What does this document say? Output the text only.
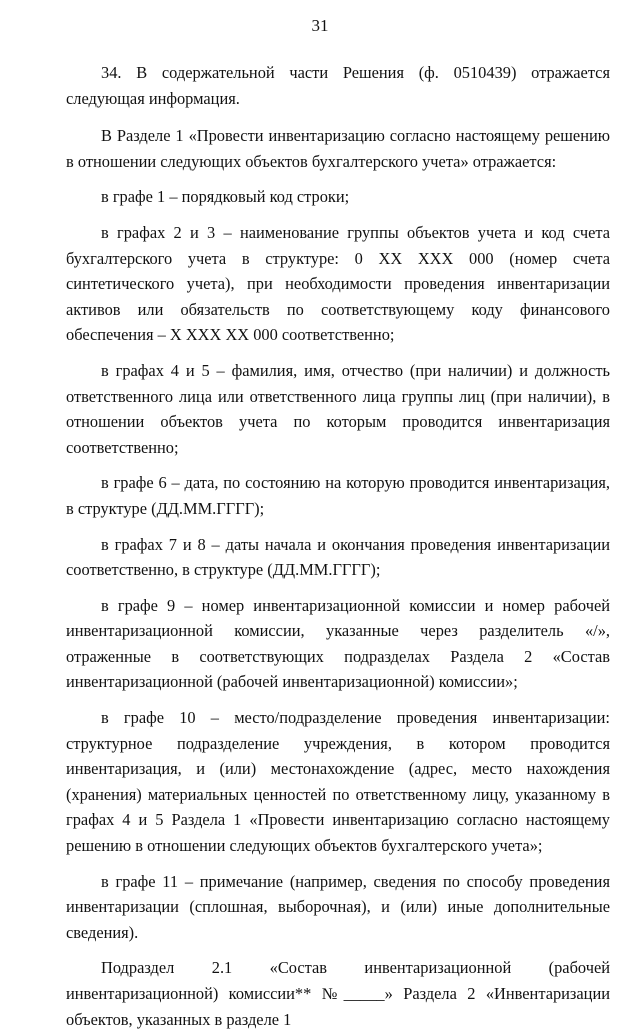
31

34. В содержательной части Решения (ф. 0510439) отражается следующая информация.

В Разделе 1 «Провести инвентаризацию согласно настоящему решению в отношении следующих объектов бухгалтерского учета» отражается:

в графе 1 – порядковый код строки;

в графах 2 и 3 – наименование группы объектов учета и код счета бухгалтерского учета в структуре: 0 XX XXX 000 (номер счета синтетического учета), при необходимости проведения инвентаризации активов или обязательств по соответствующему коду финансового обеспечения – X XXX XX 000 соответственно;

в графах 4 и 5 – фамилия, имя, отчество (при наличии) и должность ответственного лица или ответственного лица группы лиц (при наличии), в отношении объектов учета по которым проводится инвентаризация соответственно;

в графе 6 – дата, по состоянию на которую проводится инвентаризация, в структуре (ДД.ММ.ГГГГ);

в графах 7 и 8 – даты начала и окончания проведения инвентаризации соответственно, в структуре (ДД.ММ.ГГГГ);

в графе 9 – номер инвентаризационной комиссии и номер рабочей инвентаризационной комиссии, указанные через разделитель «/», отраженные в соответствующих подразделах Раздела 2 «Состав инвентаризационной (рабочей инвентаризационной) комиссии»;

в графе 10 – место/подразделение проведения инвентаризации: структурное подразделение учреждения, в котором проводится инвентаризация, и (или) местонахождение (адрес, место нахождения (хранения) материальных ценностей по ответственному лицу, указанному в графах 4 и 5 Раздела 1 «Провести инвентаризацию согласно настоящему решению в отношении следующих объектов бухгалтерского учета»;

в графе 11 – примечание (например, сведения по способу проведения инвентаризации (сплошная, выборочная), и (или) иные дополнительные сведения).

Подраздел 2.1 «Состав инвентаризационной (рабочей инвентаризационной) комиссии** №_____» Раздела 2 «Инвентаризации объектов, указанных в разделе 1
